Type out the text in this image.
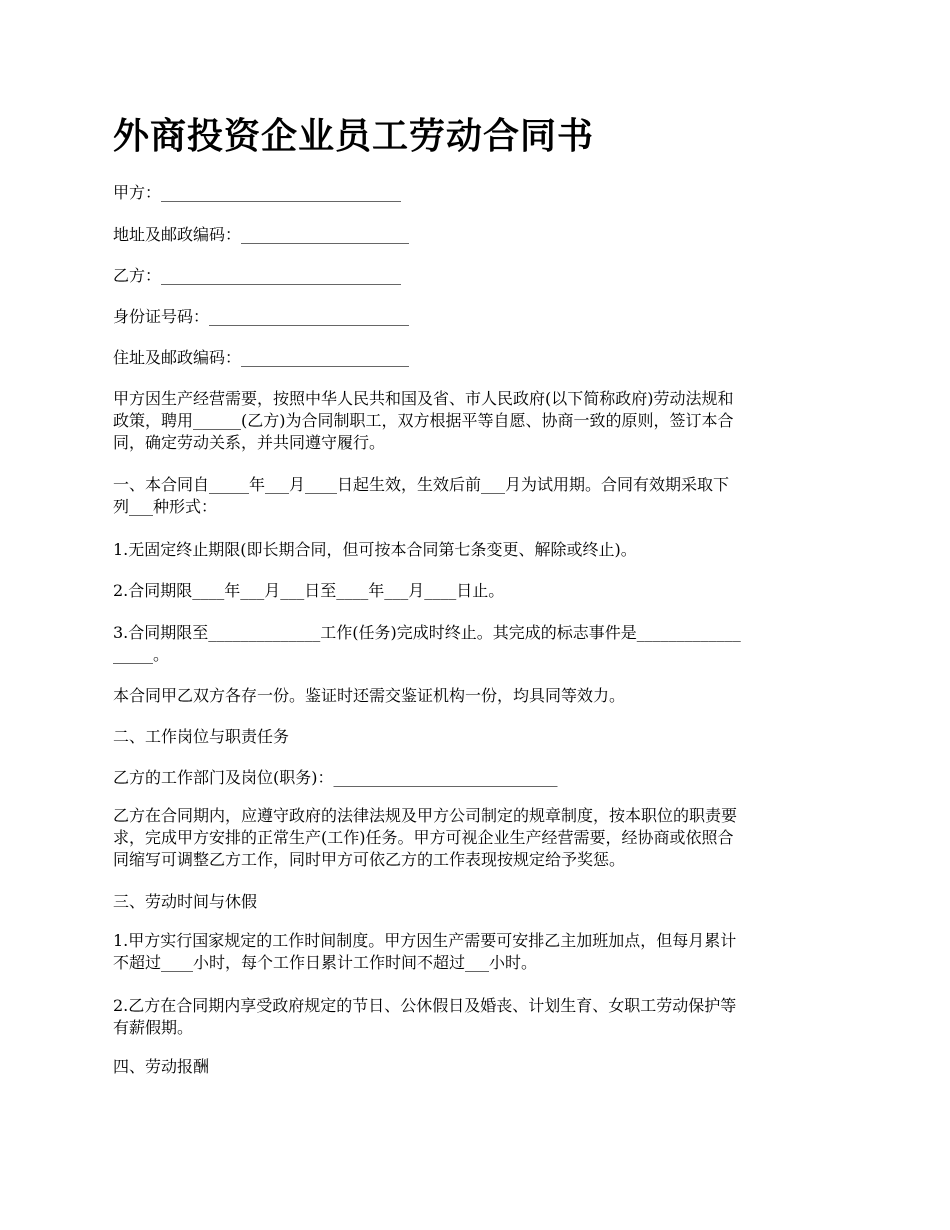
外商投资企业员工劳动合同书

甲方：______________________________

地址及邮政编码：_____________________

乙方：______________________________

身份证号码：_________________________

住址及邮政编码：_____________________

甲方因生产经营需要，按照中华人民共和国及省、市人民政府(以下简称政府)劳动法规和
政策，聘用______(乙方)为合同制职工，双方根据平等自愿、协商一致的原则，签订本合
同，确定劳动关系，并共同遵守履行。
一、本合同自_____年___月____日起生效，生效后前___月为试用期。合同有效期采取下
列___种形式：

1.无固定终止期限(即长期合同，但可按本合同第七条变更、解除或终止)。

2.合同期限____年___月___日至____年___月____日止。

3.合同期限至______________工作(任务)完成时终止。其完成的标志事件是_____________
_____。

本合同甲乙双方各存一份。鉴证时还需交鉴证机构一份，均具同等效力。

二、工作岗位与职责任务

乙方的工作部门及岗位(职务)：____________________________

乙方在合同期内，应遵守政府的法律法规及甲方公司制定的规章制度，按本职位的职责要
求，完成甲方安排的正常生产(工作)任务。甲方可视企业生产经营需要，经协商或依照合
同缩写可调整乙方工作，同时甲方可依乙方的工作表现按规定给予奖惩。

三、劳动时间与休假

1.甲方实行国家规定的工作时间制度。甲方因生产需要可安排乙主加班加点，但每月累计
不超过____小时，每个工作日累计工作时间不超过___小时。
2.乙方在合同期内享受政府规定的节日、公休假日及婚丧、计划生育、女职工劳动保护等
有薪假期。

四、劳动报酬
